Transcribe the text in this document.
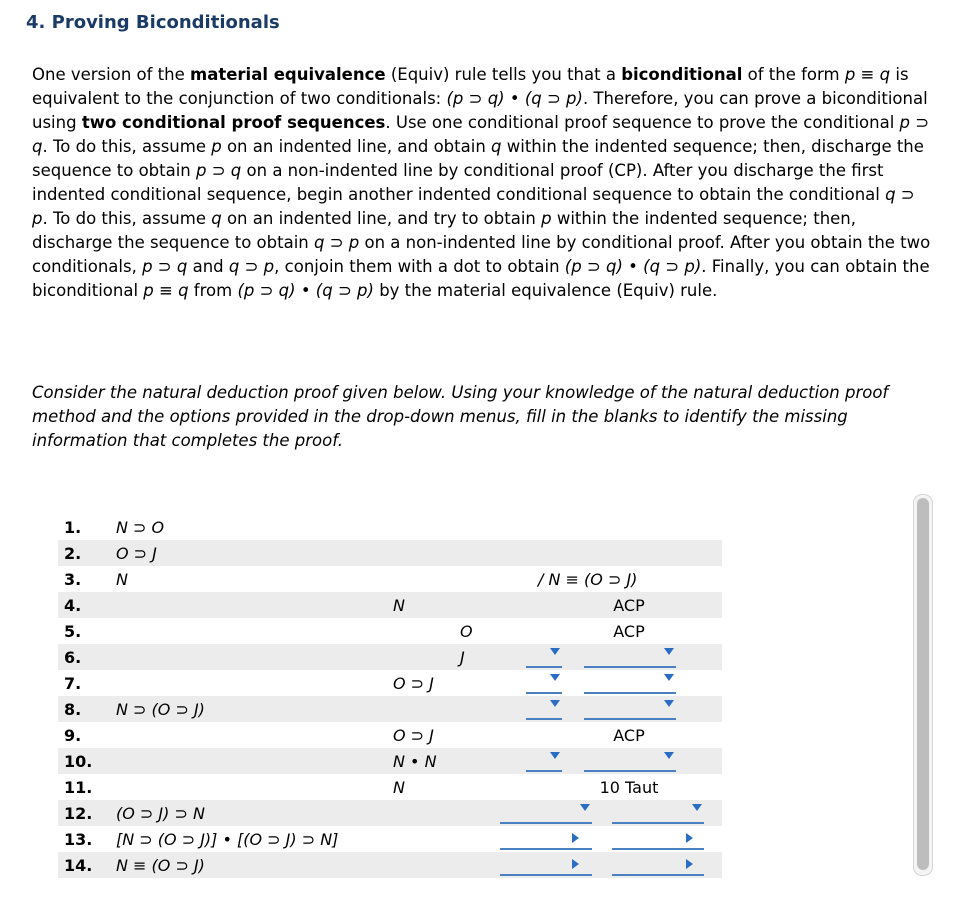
4. Proving Biconditionals
One version of the material equivalence (Equiv) rule tells you that a biconditional of the form p ≡ q is equivalent to the conjunction of two conditionals: (p ⊃ q) • (q ⊃ p). Therefore, you can prove a biconditional using two conditional proof sequences. Use one conditional proof sequence to prove the conditional p ⊃ q. To do this, assume p on an indented line, and obtain q within the indented sequence; then, discharge the sequence to obtain p ⊃ q on a non-indented line by conditional proof (CP). After you discharge the first indented conditional sequence, begin another indented conditional sequence to obtain the conditional q ⊃ p. To do this, assume q on an indented line, and try to obtain p within the indented sequence; then, discharge the sequence to obtain q ⊃ p on a non-indented line by conditional proof. After you obtain the two conditionals, p ⊃ q and q ⊃ p, conjoin them with a dot to obtain (p ⊃ q) • (q ⊃ p). Finally, you can obtain the biconditional p ≡ q from (p ⊃ q) • (q ⊃ p) by the material equivalence (Equiv) rule.
Consider the natural deduction proof given below. Using your knowledge of the natural deduction proof method and the options provided in the drop-down menus, fill in the blanks to identify the missing information that completes the proof.
1. N ⊃ O
2. O ⊃ J
3. N	/ N ≡ (O ⊃ J)
4.	N	ACP
5.	O	ACP
6.	J
7.	O ⊃ J
8. N ⊃ (O ⊃ J)
9.	O ⊃ J	ACP
10.	N • N
11.	N	10 Taut
12. (O ⊃ J) ⊃ N
13. [N ⊃ (O ⊃ J)] • [(O ⊃ J) ⊃ N]
14. N ≡ (O ⊃ J)
